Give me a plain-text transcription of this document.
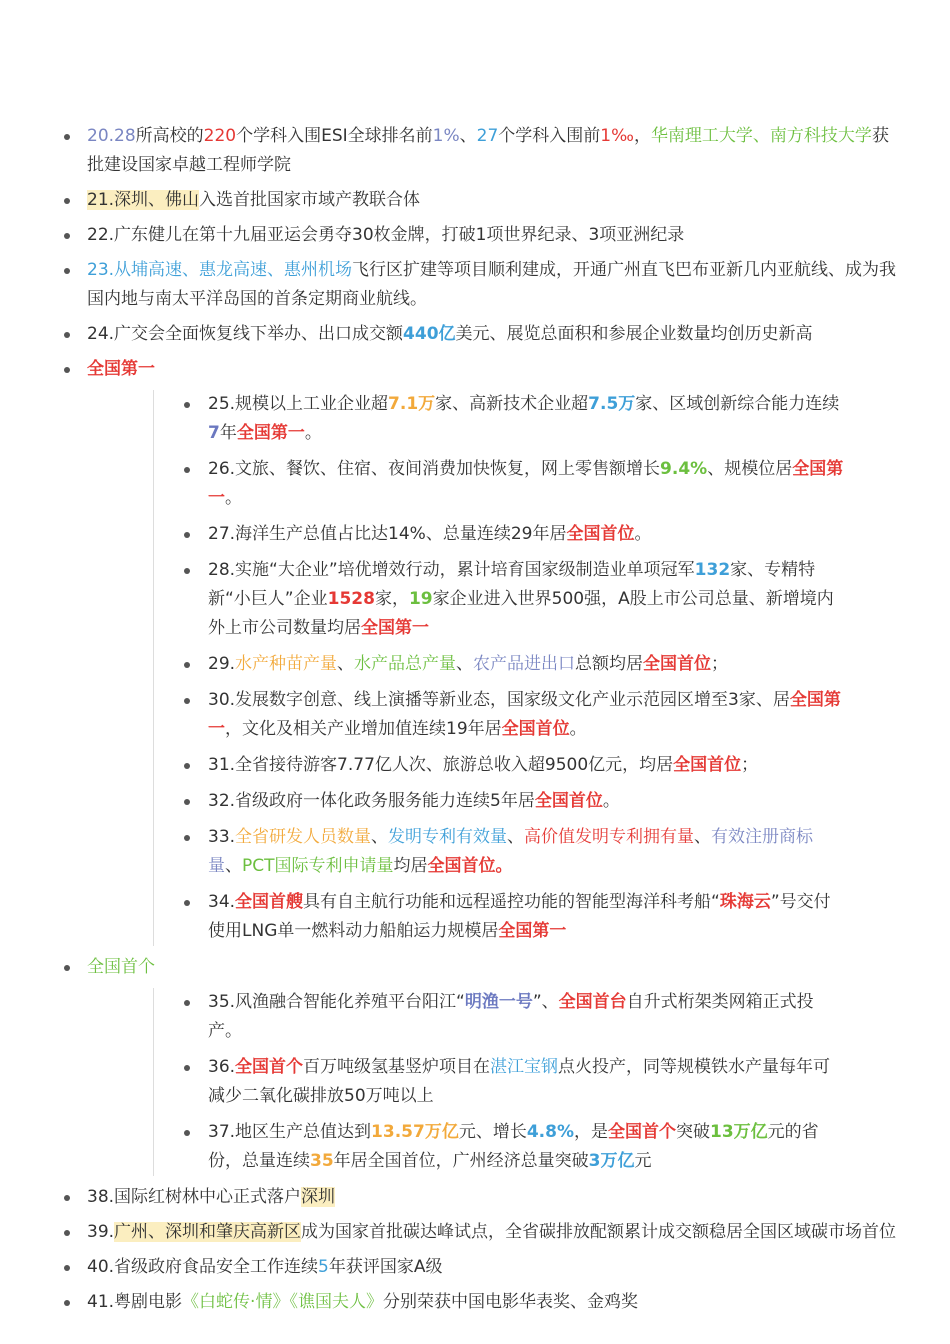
20.28所高校的220个学科入围ESI全球排名前1%、27个学科入围前1‰，华南理工大学、南方科技大学获批建设国家卓越工程师学院
21.深圳、佛山入选首批国家市域产教联合体
22.广东健儿在第十九届亚运会勇夺30枚金牌，打破1项世界纪录、3项亚洲纪录
23.从埔高速、惠龙高速、惠州机场飞行区扩建等项目顺利建成，开通广州直飞巴布亚新几内亚航线、成为我国内地与南太平洋岛国的首条定期商业航线。
24.广交会全面恢复线下举办、出口成交额440亿美元、展览总面积和参展企业数量均创历史新高
全国第一
25.规模以上工业企业超7.1万家、高新技术企业超7.5万家、区域创新综合能力连续7年全国第一。
26.文旅、餐饮、住宿、夜间消费加快恢复，网上零售额增长9.4%、规模位居全国第一。
27.海洋生产总值占比达14%、总量连续29年居全国首位。
28.实施“大企业”培优增效行动，累计培育国家级制造业单项冠军132家、专精特新“小巨人”企业1528家，19家企业进入世界500强，A股上市公司总量、新增境内外上市公司数量均居全国第一
29.水产种苗产量、水产品总产量、农产品进出口总额均居全国首位；
30.发展数字创意、线上演播等新业态，国家级文化产业示范园区增至3家、居全国第一，文化及相关产业增加值连续19年居全国首位。
31.全省接待游客7.77亿人次、旅游总收入超9500亿元，均居全国首位；
32.省级政府一体化政务服务能力连续5年居全国首位。
33.全省研发人员数量、发明专利有效量、高价值发明专利拥有量、有效注册商标量、PCT国际专利申请量均居全国首位。
34.全国首艘具有自主航行功能和远程遥控功能的智能型海洋科考船“珠海云”号交付使用LNG单一燃料动力船舶运力规模居全国第一
全国首个
35.风渔融合智能化养殖平台阳江“明渔一号”、全国首台自升式桁架类网箱正式投产。
36.全国首个百万吨级氢基竖炉项目在湛江宝钢点火投产，同等规模铁水产量每年可减少二氧化碳排放50万吨以上
37.地区生产总值达到13.57万亿元、增长4.8%，是全国首个突破13万亿元的省份，总量连续35年居全国首位，广州经济总量突破3万亿元
38.国际红树林中心正式落户深圳
39.广州、深圳和肇庆高新区成为国家首批碳达峰试点，全省碳排放配额累计成交额稳居全国区域碳市场首位
40.省级政府食品安全工作连续5年获评国家A级
41.粤剧电影《白蛇传·情》《谯国夫人》分别荣获中国电影华表奖、金鸡奖
